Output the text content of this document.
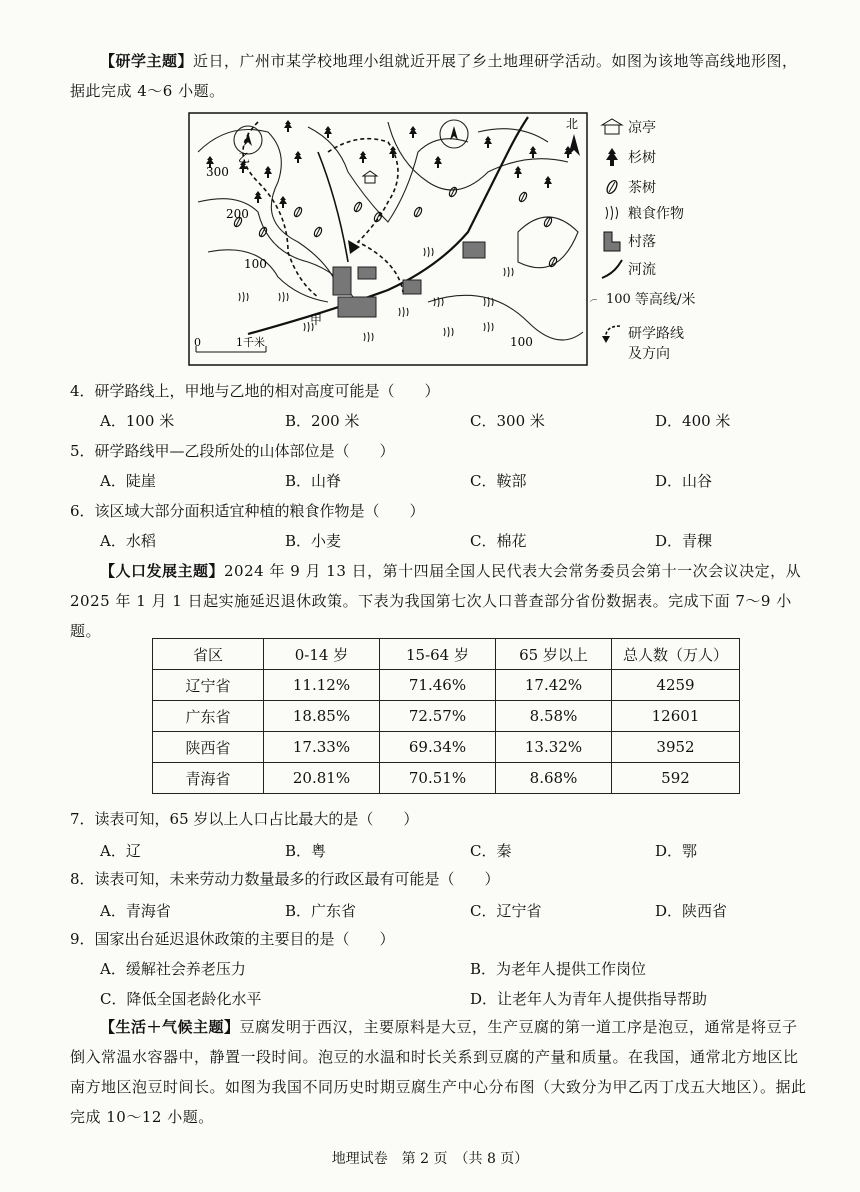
【研学主题】近日，广州市某学校地理小组就近开展了乡土地理研学活动。如图为该地等高线地形图，据此完成 4～6 小题。
乙
甲
300
200
100
100
北
0	1千米
凉亭
杉树
茶树
粮食作物
村落
河流
100 等高线/米
研学路线
及方向
4．研学路线上，甲地与乙地的相对高度可能是（　　）
A．100 米	B．200 米	C．300 米	D．400 米
5．研学路线甲—乙段所处的山体部位是（　　）
A．陡崖	B．山脊	C．鞍部	D．山谷
6．该区域大部分面积适宜种植的粮食作物是（　　）
A．水稻	B．小麦	C．棉花	D．青稞
【人口发展主题】2024 年 9 月 13 日，第十四届全国人民代表大会常务委员会第十一次会议决定，从 2025 年 1 月 1 日起实施延迟退休政策。下表为我国第七次人口普查部分省份数据表。完成下面 7～9 小题。
省区	0-14 岁	15-64 岁	65 岁以上	总人数（万人）
辽宁省	11.12%	71.46%	17.42%	4259
广东省	18.85%	72.57%	8.58%	12601
陕西省	17.33%	69.34%	13.32%	3952
青海省	20.81%	70.51%	8.68%	592
7．读表可知，65 岁以上人口占比最大的是（　　）
A．辽	B．粤	C．秦	D．鄂
8．读表可知，未来劳动力数量最多的行政区最有可能是（　　）
A．青海省	B．广东省	C．辽宁省	D．陕西省
9．国家出台延迟退休政策的主要目的是（　　）
A．缓解社会养老压力	B．为老年人提供工作岗位
C．降低全国老龄化水平	D．让老年人为青年人提供指导帮助
【生活＋气候主题】豆腐发明于西汉，主要原料是大豆，生产豆腐的第一道工序是泡豆，通常是将豆子倒入常温水容器中，静置一段时间。泡豆的水温和时长关系到豆腐的产量和质量。在我国，通常北方地区比南方地区泡豆时间长。如图为我国不同历史时期豆腐生产中心分布图（大致分为甲乙丙丁戊五大地区）。据此完成 10～12 小题。
地理试卷　第 2 页　（共 8 页）
